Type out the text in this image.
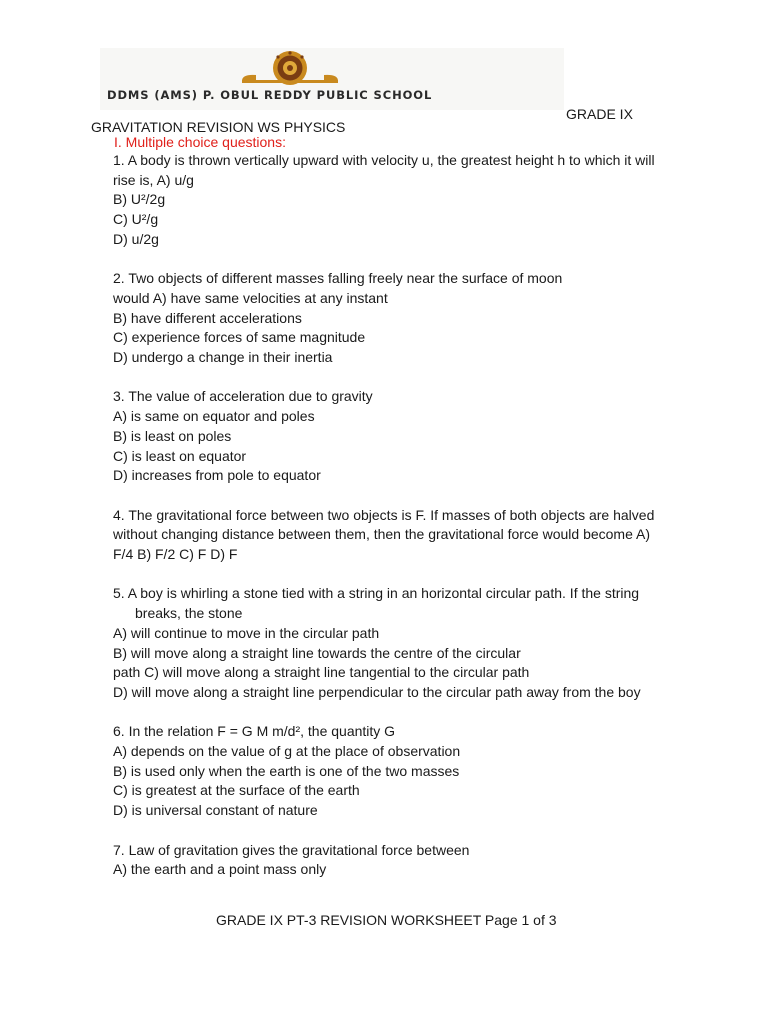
DDMS (AMS) P. OBUL REDDY PUBLIC SCHOOL
GRADE IX
GRAVITATION REVISION WS PHYSICS
I. Multiple choice questions:

1. A body is thrown vertically upward with velocity u, the greatest height h to which it will

rise is, A) u/g

B) U²/2g

C) U²/g

D) u/2g

2. Two objects of different masses falling freely near the surface of moon

would A) have same velocities at any instant

B) have different accelerations

C) experience forces of same magnitude

D) undergo a change in their inertia

3. The value of acceleration due to gravity

A) is same on equator and poles

B) is least on poles

C) is least on equator

D) increases from pole to equator

4. The gravitational force between two objects is F. If masses of both objects are halved

without changing distance between them, then the gravitational force would become A)

F/4 B) F/2 C) F D) F

5. A boy is whirling a stone tied with a string in an horizontal circular path. If the string

breaks, the stone

A) will continue to move in the circular path

B) will move along a straight line towards the centre of the circular

path C) will move along a straight line tangential to the circular path

D) will move along a straight line perpendicular to the circular path away from the boy

6. In the relation F = G M m/d², the quantity G

A) depends on the value of g at the place of observation

B) is used only when the earth is one of the two masses

C) is greatest at the surface of the earth

D) is universal constant of nature

7. Law of gravitation gives the gravitational force between

A) the earth and a point mass only

GRADE IX PT-3 REVISION WORKSHEET Page 1 of 3
